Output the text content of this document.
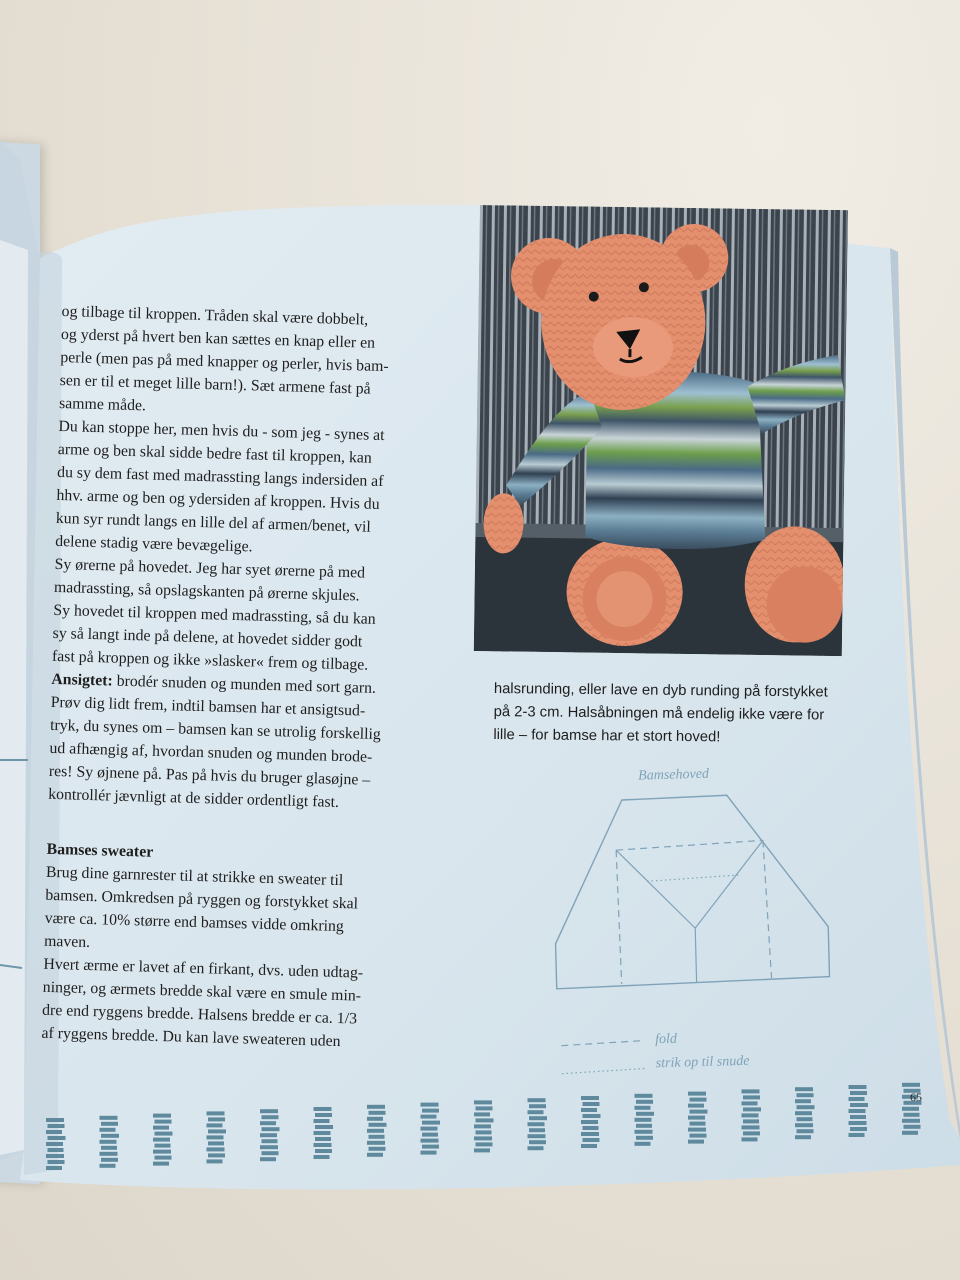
og tilbage til kroppen. Tråden skal være dobbelt,
og yderst på hvert ben kan sættes en knap eller en
perle (men pas på med knapper og perler, hvis bam-
sen er til et meget lille barn!). Sæt armene fast på
samme måde.
Du kan stoppe her, men hvis du - som jeg - synes at
arme og ben skal sidde bedre fast til kroppen, kan
du sy dem fast med madrassting langs indersiden af
hhv. arme og ben og ydersiden af kroppen. Hvis du
kun syr rundt langs en lille del af armen/benet, vil
delene stadig være bevægelige.
Sy ørerne på hovedet. Jeg har syet ørerne på med
madrassting, så opslagskanten på ørerne skjules.
Sy hovedet til kroppen med madrassting, så du kan
sy så langt inde på delene, at hovedet sidder godt
fast på kroppen og ikke »slasker« frem og tilbage.
Ansigtet: brodér snuden og munden med sort garn.
Prøv dig lidt frem, indtil bamsen har et ansigtsud-
tryk, du synes om – bamsen kan se utrolig forskellig
ud afhængig af, hvordan snuden og munden brode-
res! Sy øjnene på. Pas på hvis du bruger glasøjne –
kontrollér jævnligt at de sidder ordentligt fast.
Bamses sweater
Brug dine garnrester til at strikke en sweater til
bamsen. Omkredsen på ryggen og forstykket skal
være ca. 10% større end bamses vidde omkring
maven.
Hvert ærme er lavet af en firkant, dvs. uden udtag-
ninger, og ærmets bredde skal være en smule min-
dre end ryggens bredde. Halsens bredde er ca. 1/3
af ryggens bredde. Du kan lave sweateren uden
halsrunding, eller lave en dyb runding på forstykket
på 2-3 cm. Halsåbningen må endelig ikke være for
lille – for bamse har et stort hoved!
Bamsehoved
fold
strik op til snude
65
